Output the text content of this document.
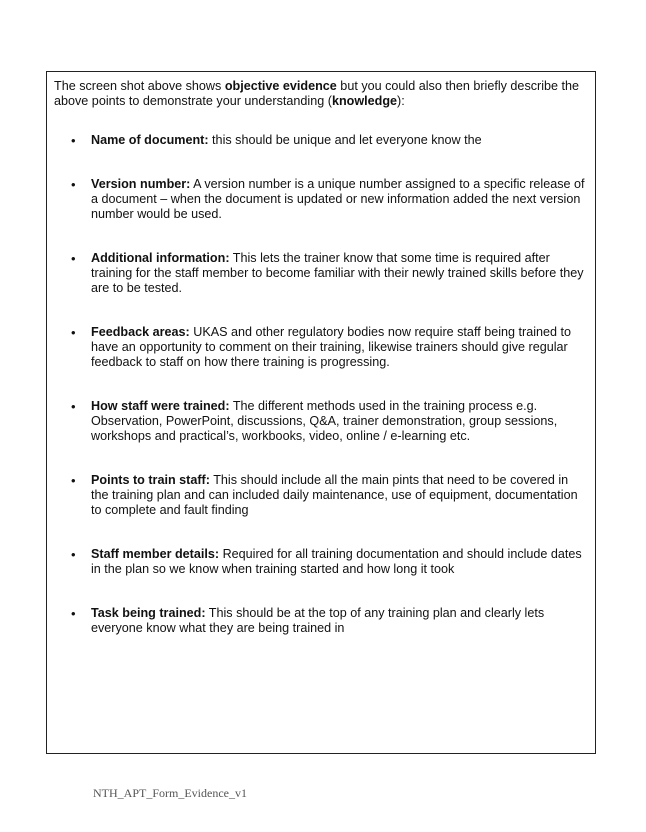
The screen shot above shows objective evidence but you could also then briefly describe the above points to demonstrate your understanding (knowledge):
• Name of document: this should be unique and let everyone know the
• Version number: A version number is a unique number assigned to a specific release of a document – when the document is updated or new information added the next version number would be used.
• Additional information: This lets the trainer know that some time is required after training for the staff member to become familiar with their newly trained skills before they are to be tested.
• Feedback areas: UKAS and other regulatory bodies now require staff being trained to have an opportunity to comment on their training, likewise trainers should give regular feedback to staff on how there training is progressing.
• How staff were trained: The different methods used in the training process e.g. Observation, PowerPoint, discussions, Q&A, trainer demonstration, group sessions, workshops and practical’s, workbooks, video, online / e-learning etc.
• Points to train staff: This should include all the main pints that need to be covered in the training plan and can included daily maintenance, use of equipment, documentation to complete and fault finding
• Staff member details: Required for all training documentation and should include dates in the plan so we know when training started and how long it took
• Task being trained: This should be at the top of any training plan and clearly lets everyone know what they are being trained in
NTH_APT_Form_Evidence_v1
